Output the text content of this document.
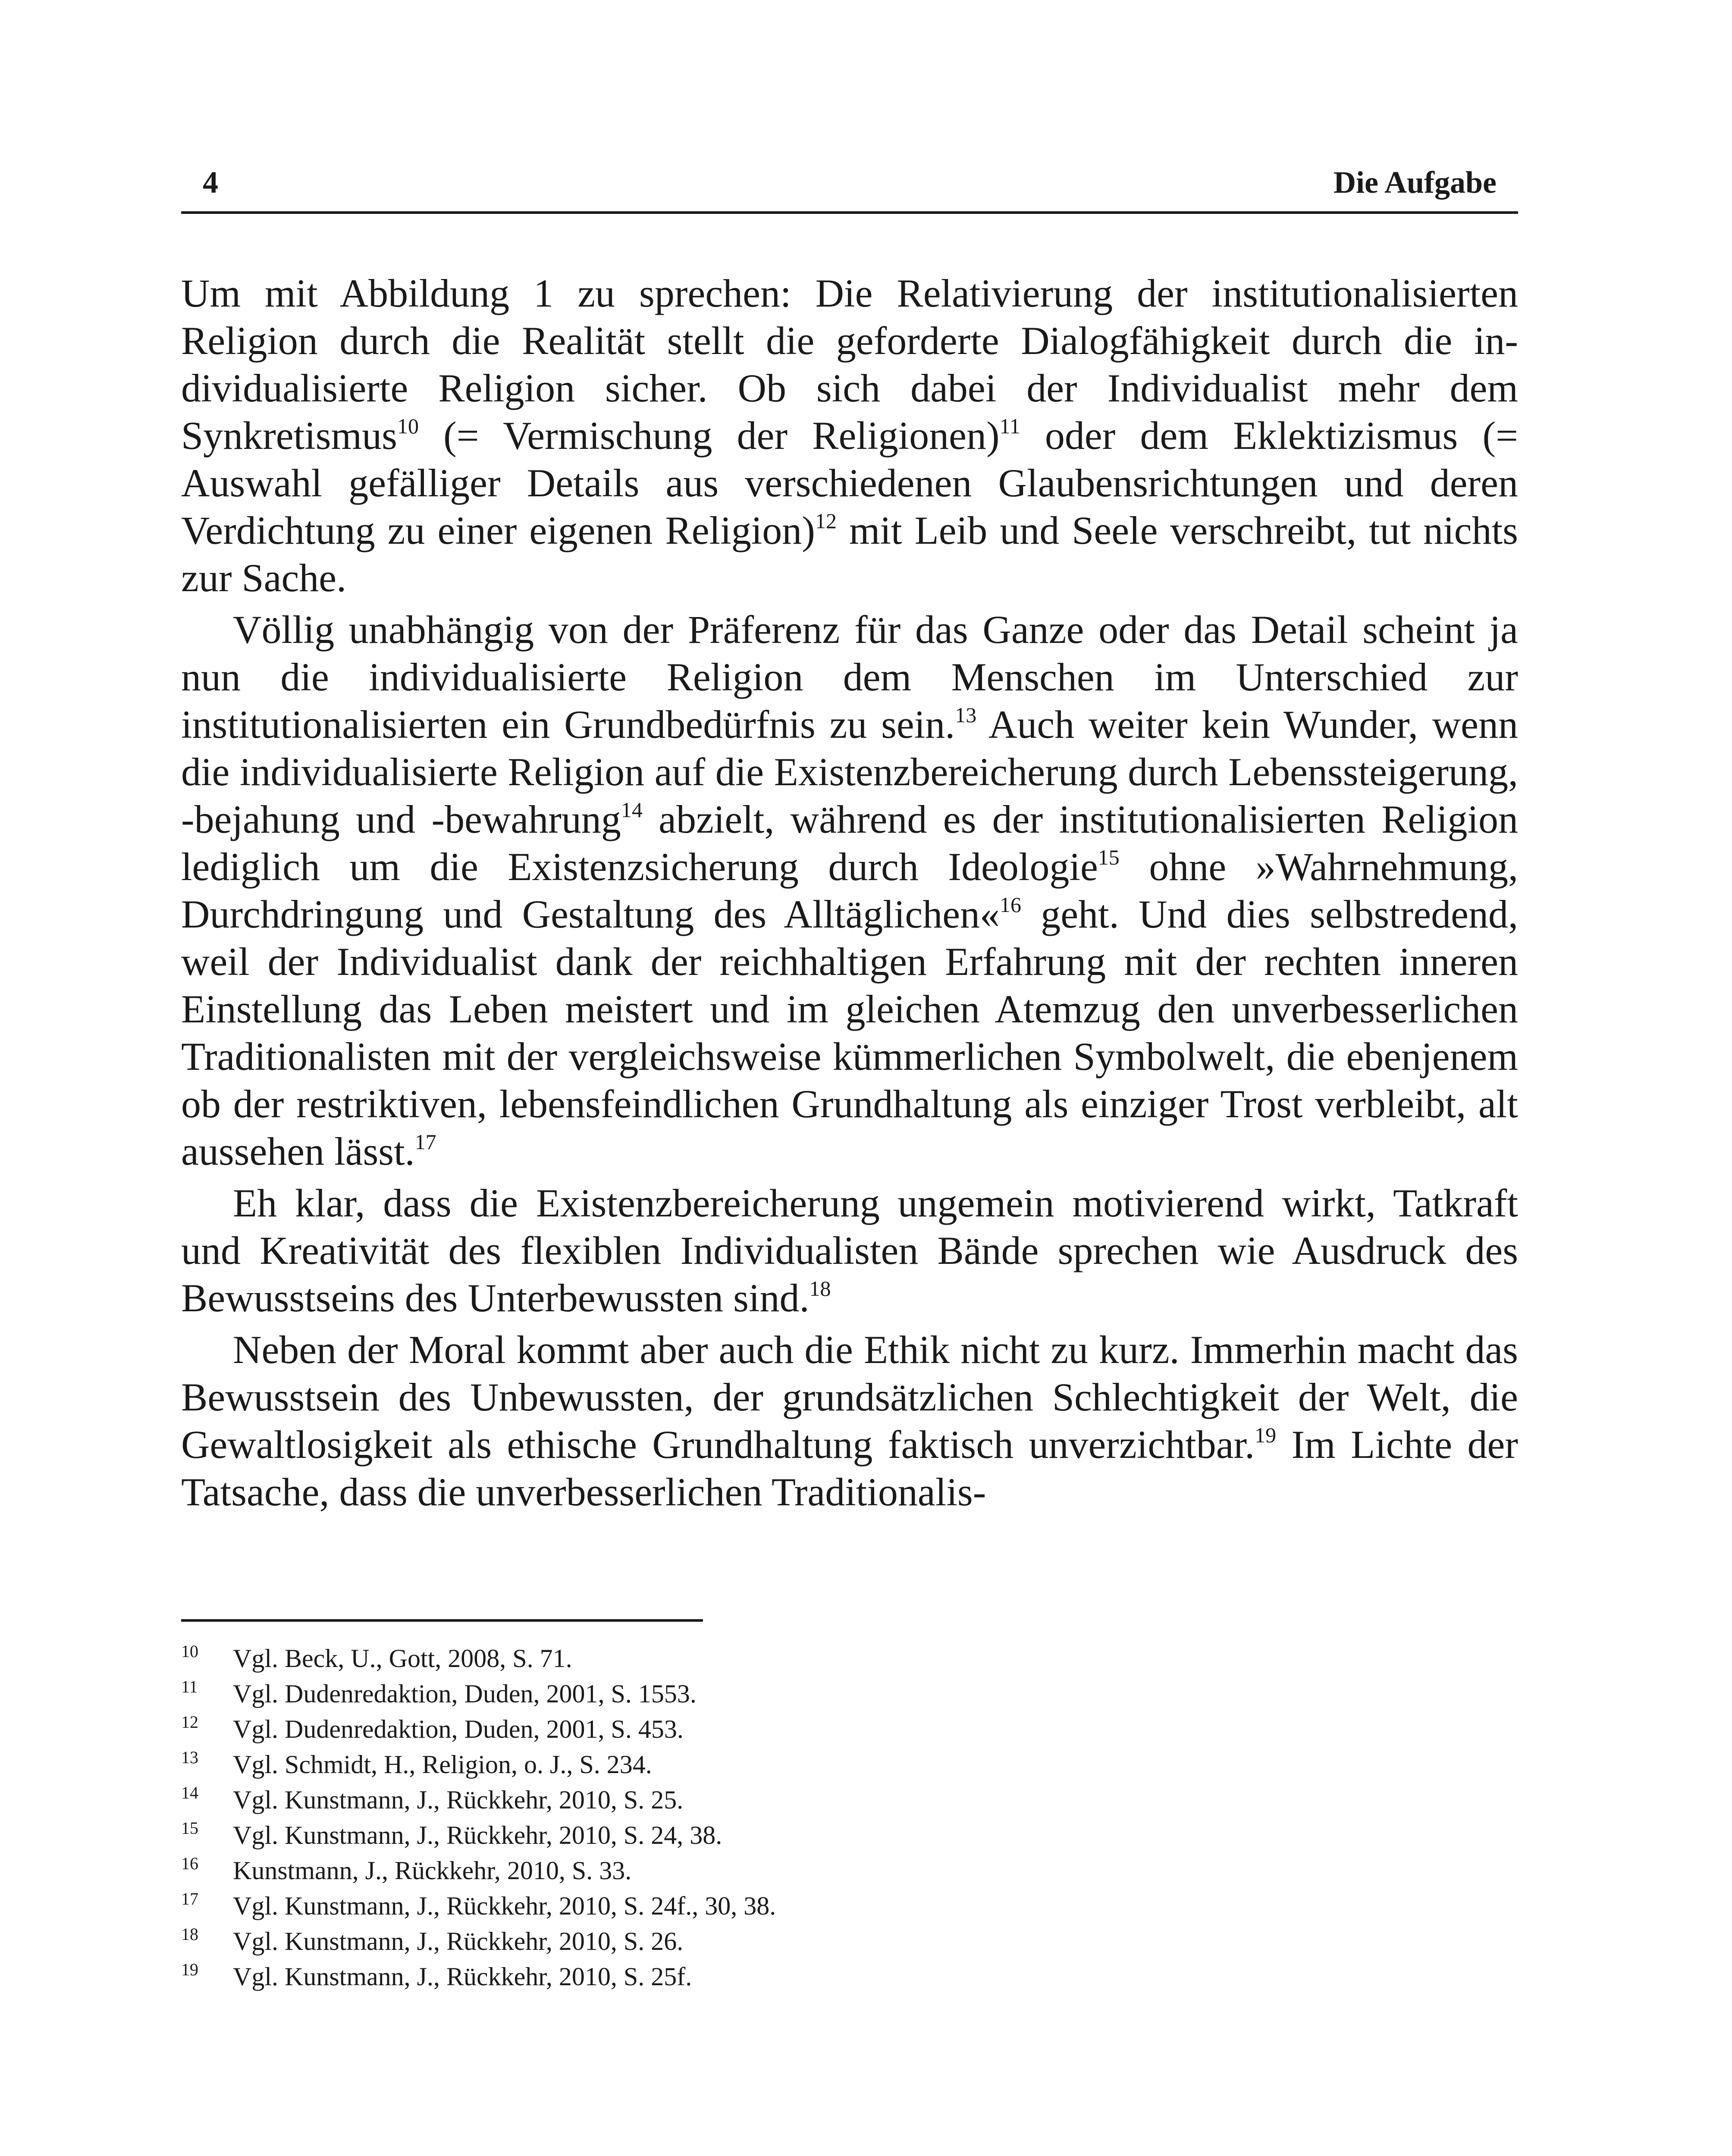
4	Die Aufgabe

Um mit Abbildung 1 zu sprechen: Die Relativierung der institutionalisierten Religion durch die Realität stellt die geforderte Dialogfähigkeit durch die individualisierte Religion sicher. Ob sich dabei der Individualist mehr dem Synkretismus$^{10}$ (= Vermischung der Religionen)$^{11}$ oder dem Eklektizismus (= Auswahl gefälliger Details aus verschiedenen Glaubensrichtungen und deren Verdichtung zu einer eigenen Religion)$^{12}$ mit Leib und Seele verschreibt, tut nichts zur Sache.

Völlig unabhängig von der Präferenz für das Ganze oder das Detail scheint ja nun die individualisierte Religion dem Menschen im Unterschied zur institutionalisierten ein Grundbedürfnis zu sein.$^{13}$ Auch weiter kein Wunder, wenn die individualisierte Religion auf die Existenzbereicherung durch Lebenssteigerung, -bejahung und -bewahrung$^{14}$ abzielt, während es der institutionalisierten Religion lediglich um die Existenzsicherung durch Ideologie$^{15}$ ohne »Wahrnehmung, Durchdringung und Gestaltung des Alltäglichen«$^{16}$ geht. Und dies selbstredend, weil der Individualist dank der reichhaltigen Erfahrung mit der rechten inneren Einstellung das Leben meistert und im gleichen Atemzug den unverbesserlichen Traditionalisten mit der vergleichsweise kümmerlichen Symbolwelt, die ebenjenem ob der restriktiven, lebensfeindlichen Grundhaltung als einziger Trost verbleibt, alt aussehen lässt.$^{17}$

Eh klar, dass die Existenzbereicherung ungemein motivierend wirkt, Tatkraft und Kreativität des flexiblen Individualisten Bände sprechen wie Ausdruck des Bewusstseins des Unterbewussten sind.$^{18}$

Neben der Moral kommt aber auch die Ethik nicht zu kurz. Immerhin macht das Bewusstsein des Unbewussten, der grundsätzlichen Schlechtigkeit der Welt, die Gewaltlosigkeit als ethische Grundhaltung faktisch unverzichtbar.$^{19}$ Im Lichte der Tatsache, dass die unverbesserlichen Traditionalis-

10 Vgl. Beck, U., Gott, 2008, S. 71.
11 Vgl. Dudenredaktion, Duden, 2001, S. 1553.
12 Vgl. Dudenredaktion, Duden, 2001, S. 453.
13 Vgl. Schmidt, H., Religion, o. J., S. 234.
14 Vgl. Kunstmann, J., Rückkehr, 2010, S. 25.
15 Vgl. Kunstmann, J., Rückkehr, 2010, S. 24, 38.
16 Kunstmann, J., Rückkehr, 2010, S. 33.
17 Vgl. Kunstmann, J., Rückkehr, 2010, S. 24f., 30, 38.
18 Vgl. Kunstmann, J., Rückkehr, 2010, S. 26.
19 Vgl. Kunstmann, J., Rückkehr, 2010, S. 25f.
